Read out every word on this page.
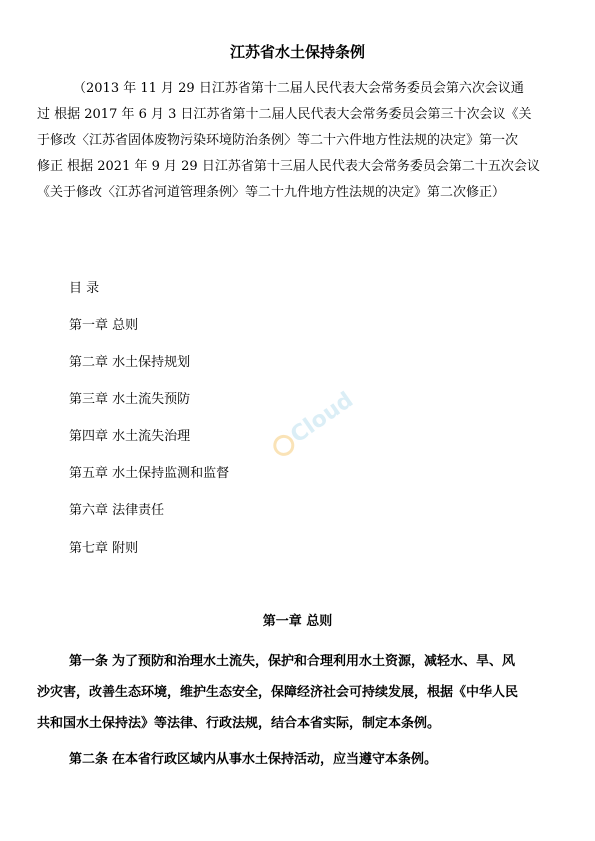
江苏省水土保持条例
（2013 年 11 月 29 日江苏省第十二届人民代表大会常务委员会第六次会议通
过 根据 2017 年 6 月 3 日江苏省第十二届人民代表大会常务委员会第三十次会议《关
于修改〈江苏省固体废物污染环境防治条例〉等二十六件地方性法规的决定》第一次
修正 根据 2021 年 9 月 29 日江苏省第十三届人民代表大会常务委员会第二十五次会议
《关于修改〈江苏省河道管理条例〉等二十九件地方性法规的决定》第二次修正）
目 录
第一章 总则
第二章 水土保持规划
第三章 水土流失预防
第四章 水土流失治理
第五章 水土保持监测和监督
第六章 法律责任
第七章 附则
Cloud
第一章 总则
第一条 为了预防和治理水土流失，保护和合理利用水土资源，减轻水、旱、风
沙灾害，改善生态环境，维护生态安全，保障经济社会可持续发展，根据《中华人民
共和国水土保持法》等法律、行政法规，结合本省实际，制定本条例。
第二条 在本省行政区域内从事水土保持活动，应当遵守本条例。
